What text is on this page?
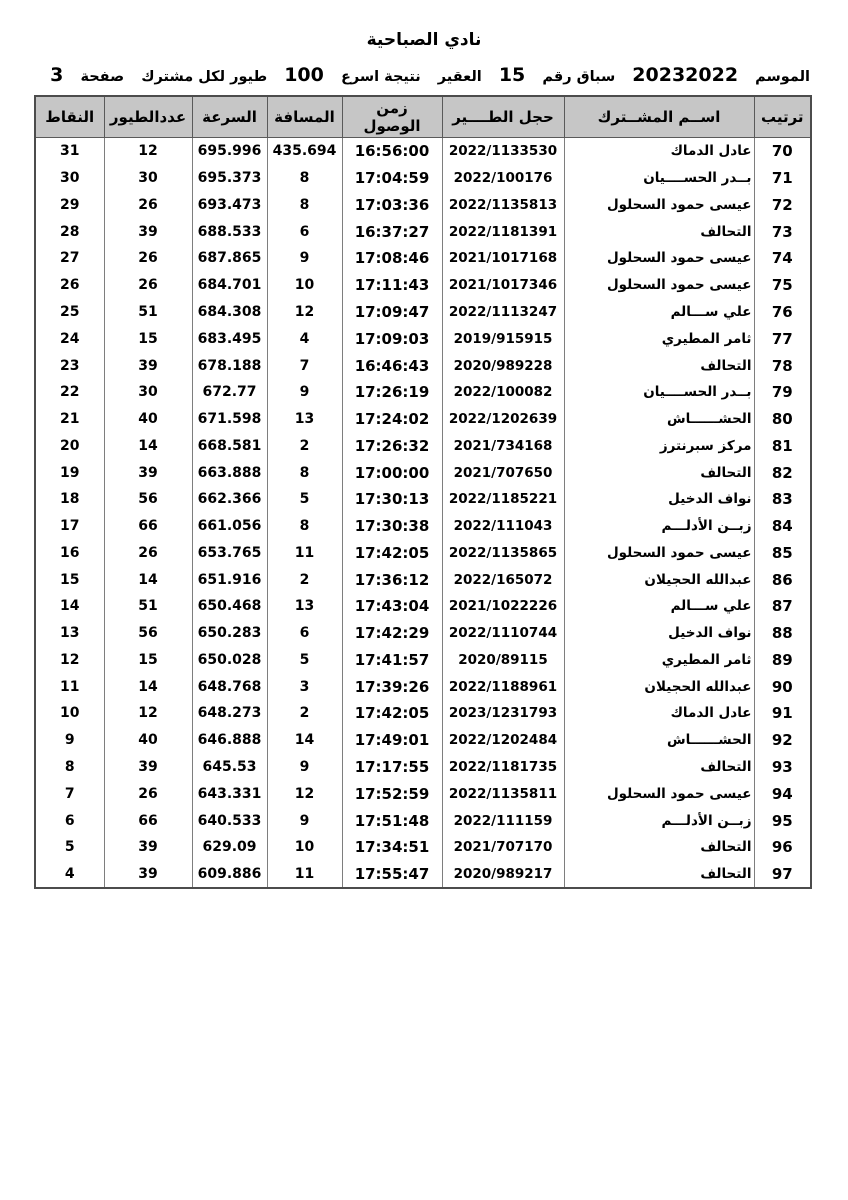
نادي الصباحية
الموسم
20232022
سباق رقم
15
العقير
نتيجة اسرع
100
طيور لكل مشترك
صفحة
3
ترتيب	اســم المشــترك	حجل الطــــير	زمن الوصول	المسافة	السرعة	عددالطيور	النقاط
70	عادل الدماك	2022/1133530	16:56:00	435.694	695.996	12	31
71	بــدر الحســــيان	2022/100176	17:04:59	8	695.373	30	30
72	عيسى حمود السحلول	2022/1135813	17:03:36	8	693.473	26	29
73	التحالف	2022/1181391	16:37:27	6	688.533	39	28
74	عيسى حمود السحلول	2021/1017168	17:08:46	9	687.865	26	27
75	عيسى حمود السحلول	2021/1017346	17:11:43	10	684.701	26	26
76	علي ســـالم	2022/1113247	17:09:47	12	684.308	51	25
77	ثامر المطيري	2019/915915	17:09:03	4	683.495	15	24
78	التحالف	2020/989228	16:46:43	7	678.188	39	23
79	بــدر الحســــيان	2022/100082	17:26:19	9	672.77	30	22
80	الحشــــــاش	2022/1202639	17:24:02	13	671.598	40	21
81	مركز سبرنترز	2021/734168	17:26:32	2	668.581	14	20
82	التحالف	2021/707650	17:00:00	8	663.888	39	19
83	نواف الدخيل	2022/1185221	17:30:13	5	662.366	56	18
84	زبــن الأدلـــم	2022/111043	17:30:38	8	661.056	66	17
85	عيسى حمود السحلول	2022/1135865	17:42:05	11	653.765	26	16
86	عبدالله الحجيلان	2022/165072	17:36:12	2	651.916	14	15
87	علي ســـالم	2021/1022226	17:43:04	13	650.468	51	14
88	نواف الدخيل	2022/1110744	17:42:29	6	650.283	56	13
89	ثامر المطيري	2020/89115	17:41:57	5	650.028	15	12
90	عبدالله الحجيلان	2022/1188961	17:39:26	3	648.768	14	11
91	عادل الدماك	2023/1231793	17:42:05	2	648.273	12	10
92	الحشــــــاش	2022/1202484	17:49:01	14	646.888	40	9
93	التحالف	2022/1181735	17:17:55	9	645.53	39	8
94	عيسى حمود السحلول	2022/1135811	17:52:59	12	643.331	26	7
95	زبــن الأدلـــم	2022/111159	17:51:48	9	640.533	66	6
96	التحالف	2021/707170	17:34:51	10	629.09	39	5
97	التحالف	2020/989217	17:55:47	11	609.886	39	4
